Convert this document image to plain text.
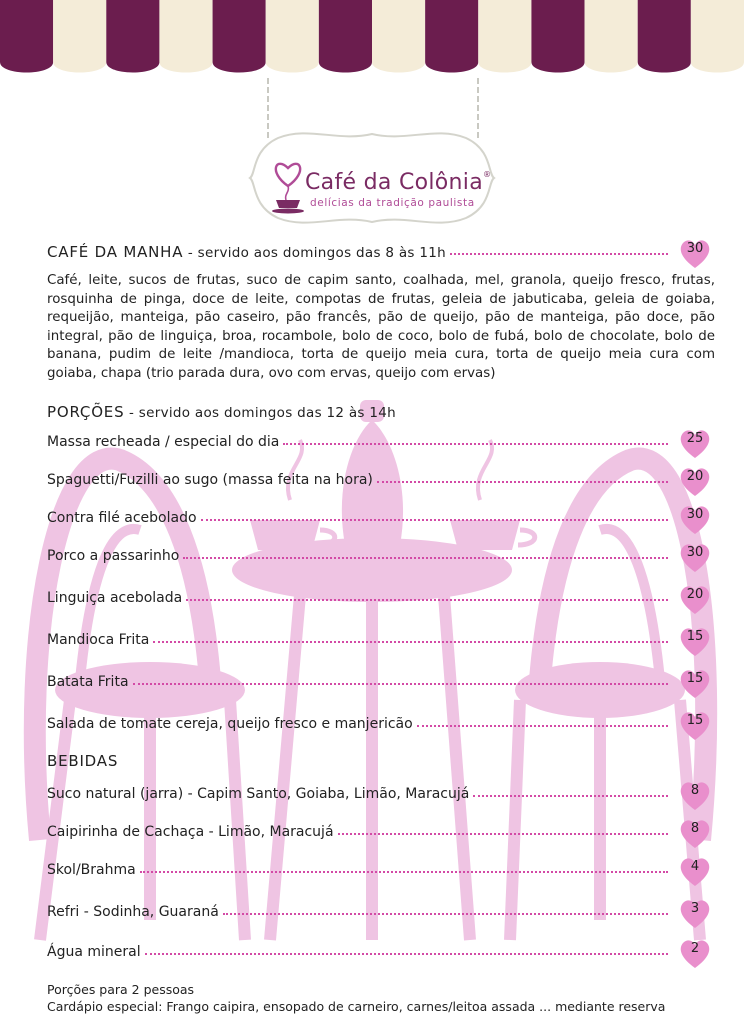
Café da Colônia®
delícias da tradição paulista
CAFÉ DA MANHA - servido aos domingos das 8 às 11h	30
Café, leite, sucos de frutas, suco de capim santo, coalhada, mel, granola, queijo fresco, frutas, rosquinha de pinga, doce de leite, compotas de frutas, geleia de jabuticaba, geleia de goiaba, requeijão, manteiga, pão caseiro, pão francês, pão de queijo, pão de manteiga, pão doce, pão integral, pão de linguiça, broa, rocambole, bolo de coco, bolo de fubá, bolo de chocolate, bolo de banana, pudim de leite /mandioca, torta de queijo meia cura, torta de queijo meia cura com goiaba, chapa (trio parada dura, ovo com ervas, queijo com ervas)
PORÇÕES - servido aos domingos das 12 às 14h
Massa recheada / especial do dia	25
Spaguetti/Fuzilli ao sugo (massa feita na hora)	20
Contra filé acebolado	30
Porco a passarinho	30
Linguiça acebolada	20
Mandioca Frita	15
Batata Frita	15
Salada de tomate cereja, queijo fresco e manjericão	15
BEBIDAS
Suco natural (jarra) - Capim Santo, Goiaba, Limão, Maracujá	8
Caipirinha de Cachaça - Limão, Maracujá	8
Skol/Brahma	4
Refri - Sodinha, Guaraná	3
Água mineral	2
Porções para 2 pessoas
Cardápio especial: Frango caipira, ensopado de carneiro, carnes/leitoa assada ... mediante reserva
